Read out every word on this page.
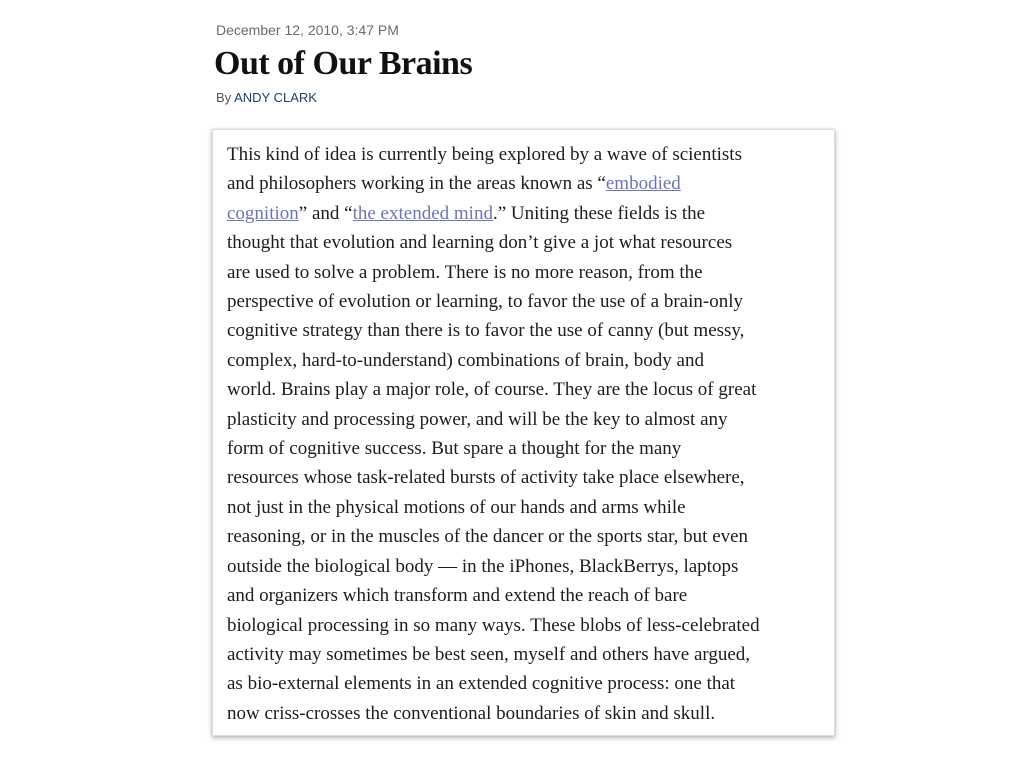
December 12, 2010, 3:47 PM

Out of Our Brains

By ANDY CLARK

This kind of idea is currently being explored by a wave of scientists
and philosophers working in the areas known as “embodied
cognition” and “the extended mind.” Uniting these fields is the
thought that evolution and learning don’t give a jot what resources
are used to solve a problem. There is no more reason, from the
perspective of evolution or learning, to favor the use of a brain-only
cognitive strategy than there is to favor the use of canny (but messy,
complex, hard-to-understand) combinations of brain, body and
world. Brains play a major role, of course. They are the locus of great
plasticity and processing power, and will be the key to almost any
form of cognitive success. But spare a thought for the many
resources whose task-related bursts of activity take place elsewhere,
not just in the physical motions of our hands and arms while
reasoning, or in the muscles of the dancer or the sports star, but even
outside the biological body — in the iPhones, BlackBerrys, laptops
and organizers which transform and extend the reach of bare
biological processing in so many ways. These blobs of less-celebrated
activity may sometimes be best seen, myself and others have argued,
as bio-external elements in an extended cognitive process: one that
now criss-crosses the conventional boundaries of skin and skull.
